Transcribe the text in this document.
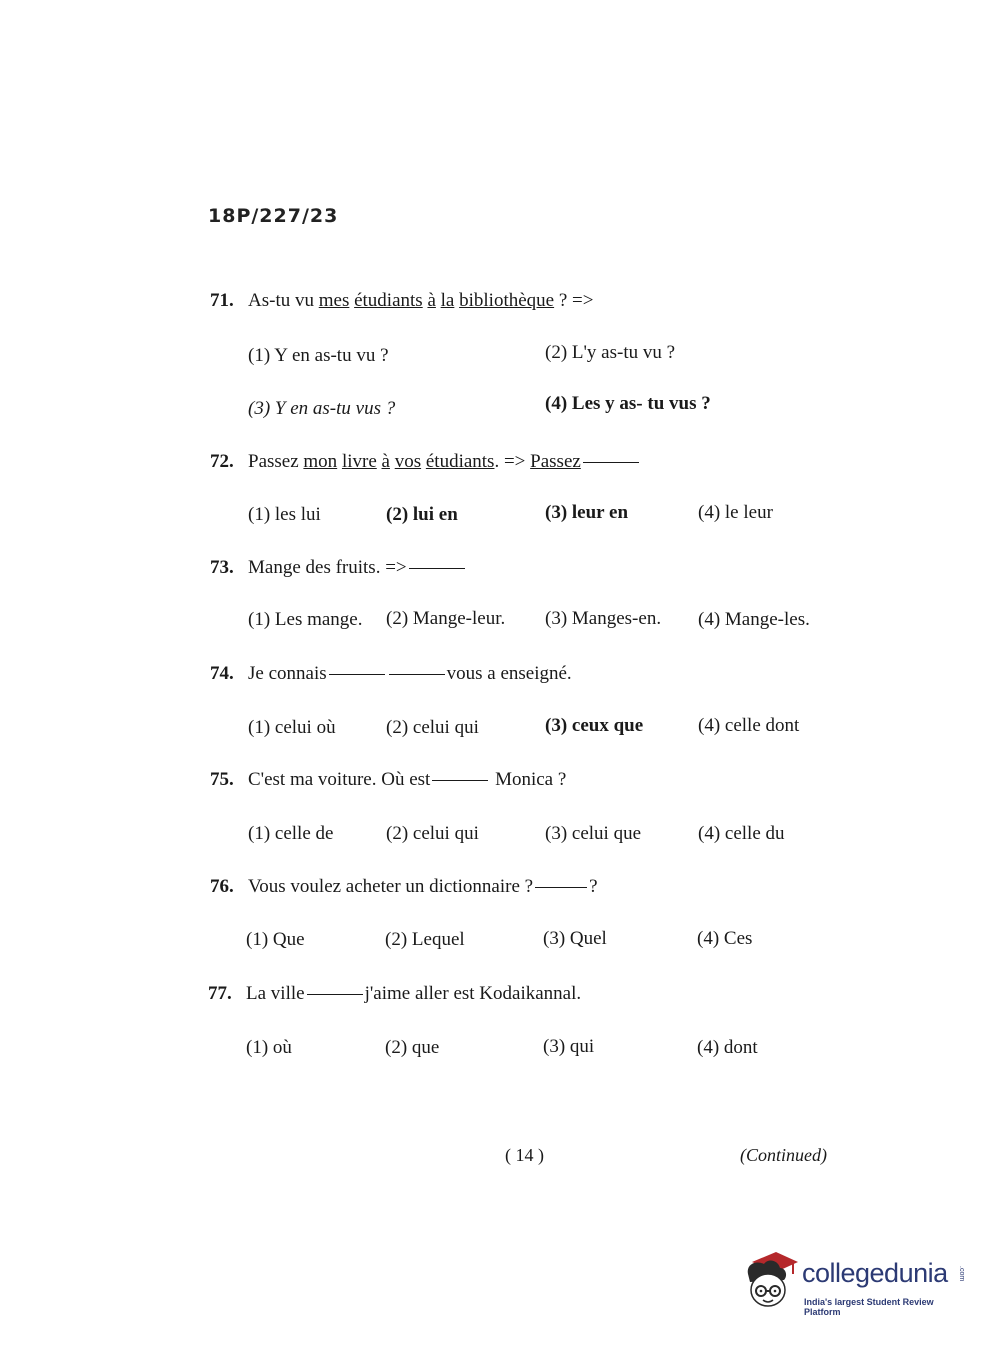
18P/227/23
71. As-tu vu mes étudiants à la bibliothèque ? =>
(1) Y en as-tu vu ?	(2) L'y as-tu vu ?
(3) Y en as-tu vus ?	(4) Les y as- tu vus ?
72. Passez mon livre à vos étudiants. => Passez
(1) les lui	(2) lui en	(3) leur en	(4) le leur
73. Mange des fruits. =>
(1) Les mange. (2) Mange-leur. (3) Manges-en. (4) Mange-les.
74. Je connais	vous a enseigné.
(1) celui où	(2) celui qui	(3) ceux que	(4) celle dont
75. C'est ma voiture. Où est	Monica ?
(1) celle de	(2) celui qui	(3) celui que	(4) celle du
76. Vous voulez acheter un dictionnaire ?	?
(1) Que	(2) Lequel	(3) Quel	(4) Ces
77. La ville	j'aime aller est Kodaikannal.
(1) où	(2) que	(3) qui	(4) dont
( 14 )	(Continued)
collegedunia .com
India's largest Student Review Platform
